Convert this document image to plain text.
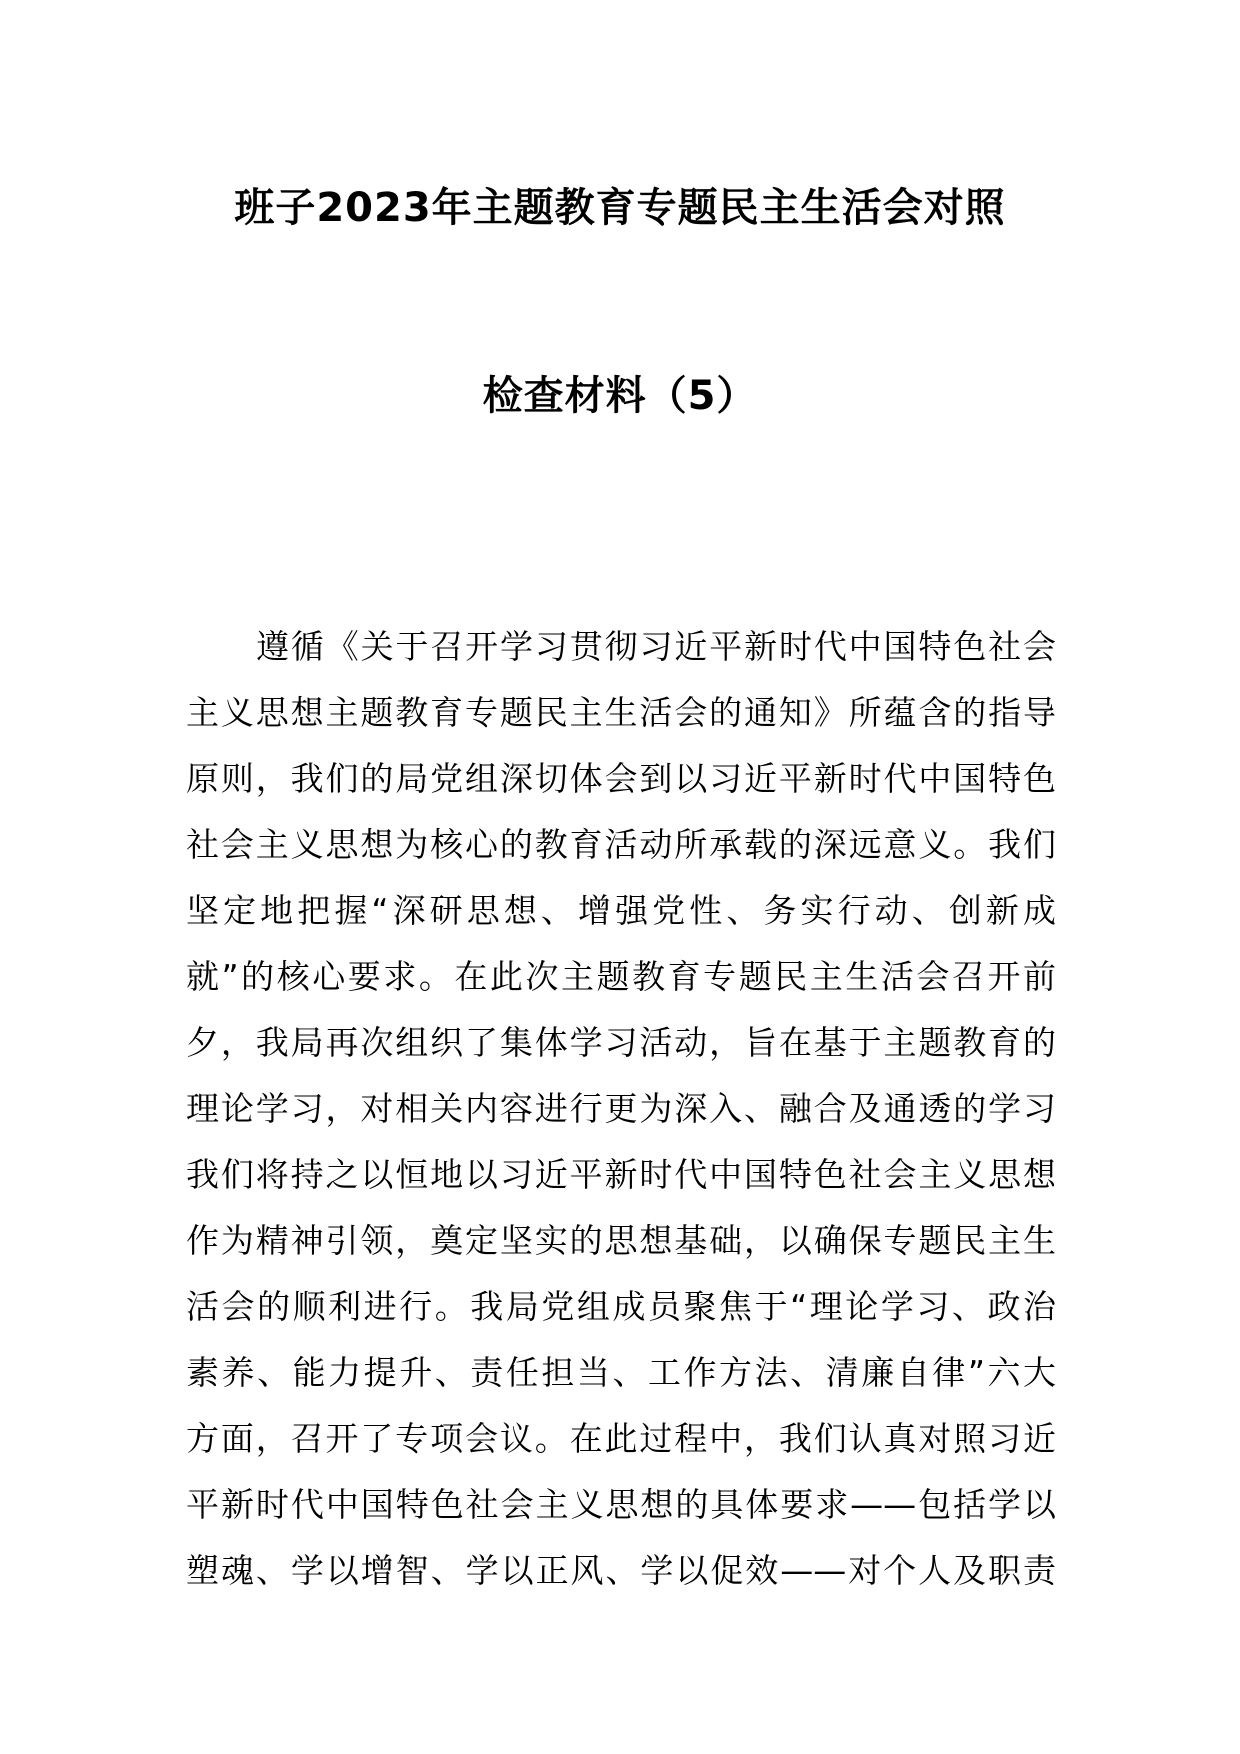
班子2023年主题教育专题民主生活会对照
检查材料（5）
遵循《关于召开学习贯彻习近平新时代中国特色社会
主义思想主题教育专题民主生活会的通知》所蕴含的指导
原则，我们的局党组深切体会到以习近平新时代中国特色
社会主义思想为核心的教育活动所承载的深远意义。我们
坚定地把握“深研思想、增强党性、务实行动、创新成
就”的核心要求。在此次主题教育专题民主生活会召开前
夕，我局再次组织了集体学习活动，旨在基于主题教育的
理论学习，对相关内容进行更为深入、融合及通透的学习
我们将持之以恒地以习近平新时代中国特色社会主义思想
作为精神引领，奠定坚实的思想基础，以确保专题民主生
活会的顺利进行。我局党组成员聚焦于“理论学习、政治
素养、能力提升、责任担当、工作方法、清廉自律”六大
方面，召开了专项会议。在此过程中，我们认真对照习近
平新时代中国特色社会主义思想的具体要求——包括学以
塑魂、学以增智、学以正风、学以促效——对个人及职责
